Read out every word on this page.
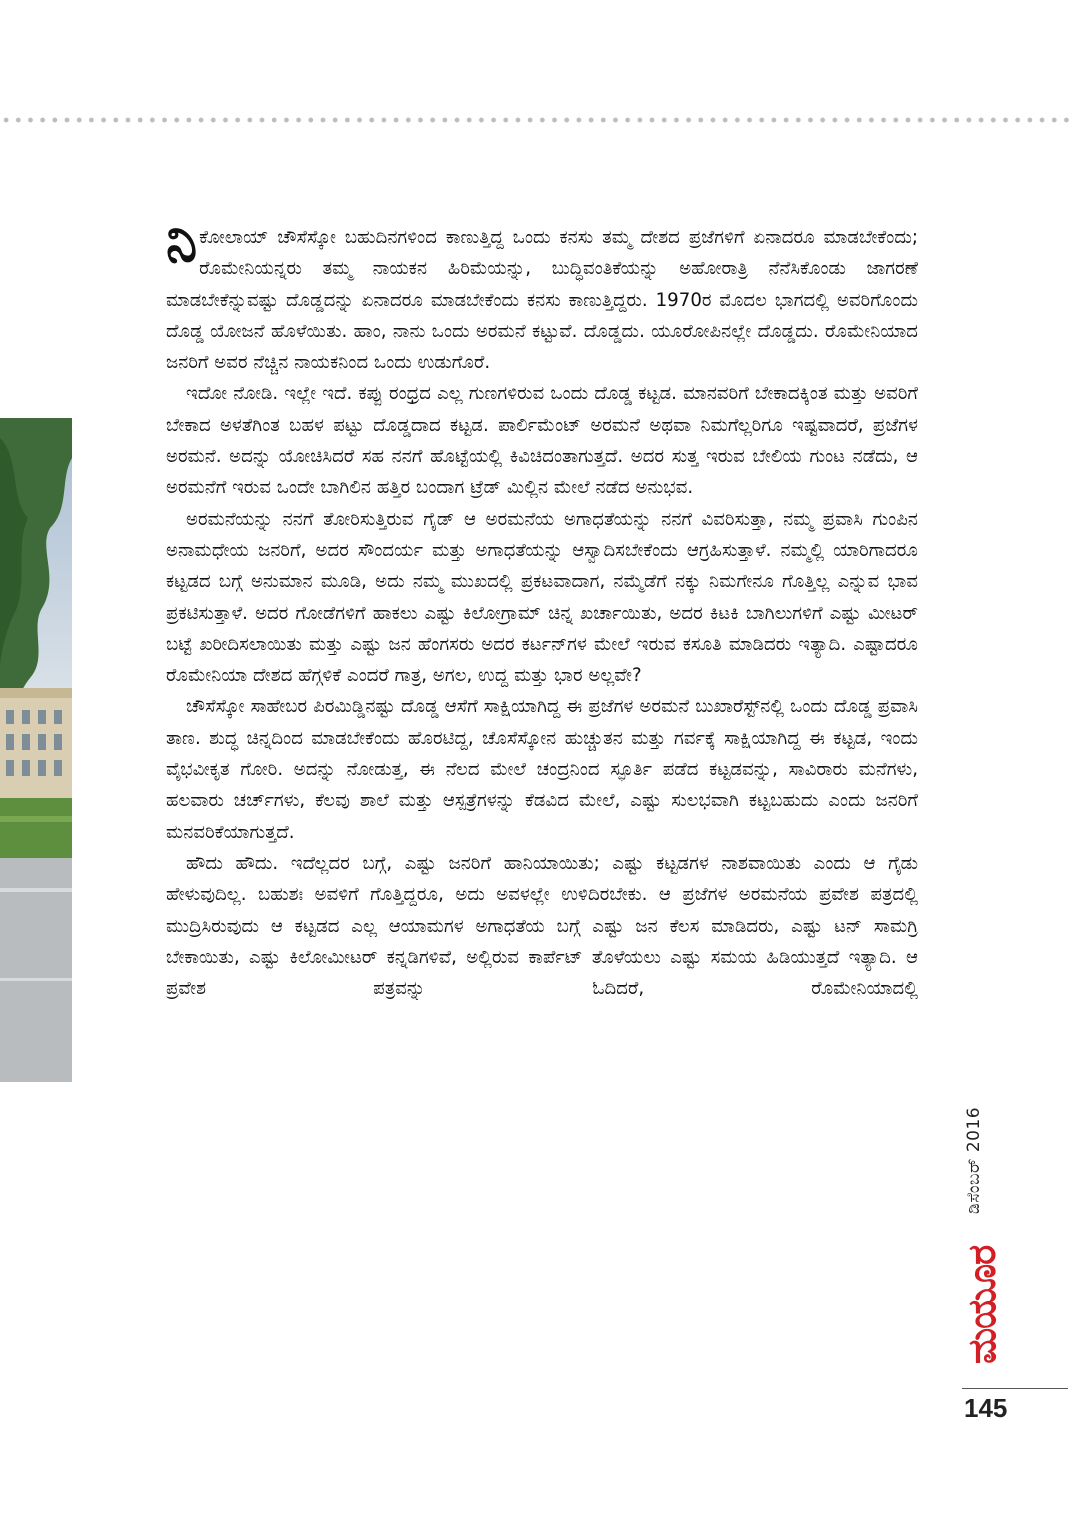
ನಿಕೋಲಾಯ್ ಚೌಸೆಸ್ಕೋ ಬಹುದಿನಗಳಿಂದ ಕಾಣುತ್ತಿದ್ದ ಒಂದು ಕನಸು ತಮ್ಮ ದೇಶದ ಪ್ರಜೆಗಳಿಗೆ ಏನಾದರೂ ಮಾಡಬೇಕೆಂದು; ರೊಮೇನಿಯನ್ನರು ತಮ್ಮ ನಾಯಕನ ಹಿರಿಮೆಯನ್ನು, ಬುದ್ಧಿವಂತಿಕೆಯನ್ನು ಅಹೋರಾತ್ರಿ ನೆನೆಸಿಕೊಂಡು ಜಾಗರಣೆ ಮಾಡಬೇಕೆನ್ನುವಷ್ಟು ದೊಡ್ಡದನ್ನು ಏನಾದರೂ ಮಾಡಬೇಕೆಂದು ಕನಸು ಕಾಣುತ್ತಿದ್ದರು. 1970ರ ಮೊದಲ ಭಾಗದಲ್ಲಿ ಅವರಿಗೊಂದು ದೊಡ್ಡ ಯೋಜನೆ ಹೊಳೆಯಿತು. ಹಾಂ, ನಾನು ಒಂದು ಅರಮನೆ ಕಟ್ಟುವೆ. ದೊಡ್ಡದು. ಯೂರೋಪಿನಲ್ಲೇ ದೊಡ್ಡದು. ರೊಮೇನಿಯಾದ ಜನರಿಗೆ ಅವರ ನೆಚ್ಚಿನ ನಾಯಕನಿಂದ ಒಂದು ಉಡುಗೊರೆ.

ಇದೋ ನೋಡಿ. ಇಲ್ಲೇ ಇದೆ. ಕಪ್ಪು ರಂಧ್ರದ ಎಲ್ಲ ಗುಣಗಳಿರುವ ಒಂದು ದೊಡ್ಡ ಕಟ್ಟಡ. ಮಾನವರಿಗೆ ಬೇಕಾದಕ್ಕಿಂತ ಮತ್ತು ಅವರಿಗೆ ಬೇಕಾದ ಅಳತೆಗಿಂತ ಬಹಳ ಪಟ್ಟು ದೊಡ್ಡದಾದ ಕಟ್ಟಡ. ಪಾರ್ಲಿಮೆಂಟ್ ಅರಮನೆ ಅಥವಾ ನಿಮಗೆಲ್ಲರಿಗೂ ಇಷ್ಟವಾದರೆ, ಪ್ರಜೆಗಳ ಅರಮನೆ. ಅದನ್ನು ಯೋಚಿಸಿದರೆ ಸಹ ನನಗೆ ಹೊಟ್ಟೆಯಲ್ಲಿ ಕಿವಿಚಿದಂತಾಗುತ್ತದೆ. ಅದರ ಸುತ್ತ ಇರುವ ಬೇಲಿಯ ಗುಂಟ ನಡೆದು, ಆ ಅರಮನೆಗೆ ಇರುವ ಒಂದೇ ಬಾಗಿಲಿನ ಹತ್ತಿರ ಬಂದಾಗ ಟ್ರೆಡ್ ಮಿಲ್ಲಿನ ಮೇಲೆ ನಡೆದ ಅನುಭವ.

ಅರಮನೆಯನ್ನು ನನಗೆ ತೋರಿಸುತ್ತಿರುವ ಗೈಡ್ ಆ ಅರಮನೆಯ ಅಗಾಧತೆಯನ್ನು ನನಗೆ ವಿವರಿಸುತ್ತಾ, ನಮ್ಮ ಪ್ರವಾಸಿ ಗುಂಪಿನ ಅನಾಮಧೇಯ ಜನರಿಗೆ, ಅದರ ಸೌಂದರ್ಯ ಮತ್ತು ಅಗಾಧತೆಯನ್ನು ಆಸ್ವಾದಿಸಬೇಕೆಂದು ಆಗ್ರಹಿಸುತ್ತಾಳೆ. ನಮ್ಮಲ್ಲಿ ಯಾರಿಗಾದರೂ ಕಟ್ಟಡದ ಬಗ್ಗೆ ಅನುಮಾನ ಮೂಡಿ, ಅದು ನಮ್ಮ ಮುಖದಲ್ಲಿ ಪ್ರಕಟವಾದಾಗ, ನಮ್ಮೆಡೆಗೆ ನಕ್ಕು ನಿಮಗೇನೂ ಗೊತ್ತಿಲ್ಲ ಎನ್ನುವ ಭಾವ ಪ್ರಕಟಿಸುತ್ತಾಳೆ. ಅದರ ಗೋಡೆಗಳಿಗೆ ಹಾಕಲು ಎಷ್ಟು ಕಿಲೋಗ್ರಾಮ್ ಚಿನ್ನ ಖರ್ಚಾಯಿತು, ಅದರ ಕಿಟಕಿ ಬಾಗಿಲುಗಳಿಗೆ ಎಷ್ಟು ಮೀಟರ್ ಬಟ್ಟೆ ಖರೀದಿಸಲಾಯಿತು ಮತ್ತು ಎಷ್ಟು ಜನ ಹೆಂಗಸರು ಅದರ ಕರ್ಟನ್‌ಗಳ ಮೇಲೆ ಇರುವ ಕಸೂತಿ ಮಾಡಿದರು ಇತ್ಯಾದಿ. ಎಷ್ಟಾದರೂ ರೊಮೇನಿಯಾ ದೇಶದ ಹೆಗ್ಗಳಿಕೆ ಎಂದರೆ ಗಾತ್ರ, ಅಗಲ, ಉದ್ದ ಮತ್ತು ಭಾರ ಅಲ್ಲವೇ?

ಚೌಸೆಸ್ಕೋ ಸಾಹೇಬರ ಪಿರಮಿಡ್ಡಿನಷ್ಟು ದೊಡ್ಡ ಆಸೆಗೆ ಸಾಕ್ಷಿಯಾಗಿದ್ದ ಈ ಪ್ರಜೆಗಳ ಅರಮನೆ ಬುಖಾರೆಸ್ಟ್‌ನಲ್ಲಿ ಒಂದು ದೊಡ್ಡ ಪ್ರವಾಸಿ ತಾಣ. ಶುದ್ಧ ಚಿನ್ನದಿಂದ ಮಾಡಬೇಕೆಂದು ಹೊರಟಿದ್ದ, ಚೊಸೆಸ್ಕೋನ ಹುಚ್ಚುತನ ಮತ್ತು ಗರ್ವಕ್ಕೆ ಸಾಕ್ಷಿಯಾಗಿದ್ದ ಈ ಕಟ್ಟಡ, ಇಂದು ವೈಭವೀಕೃತ ಗೋರಿ. ಅದನ್ನು ನೋಡುತ್ತ, ಈ ನೆಲದ ಮೇಲೆ ಚಂದ್ರನಿಂದ ಸ್ಫೂರ್ತಿ ಪಡೆದ ಕಟ್ಟಡವನ್ನು, ಸಾವಿರಾರು ಮನೆಗಳು, ಹಲವಾರು ಚರ್ಚ್‌ಗಳು, ಕೆಲವು ಶಾಲೆ ಮತ್ತು ಆಸ್ಪತ್ರೆಗಳನ್ನು ಕೆಡವಿದ ಮೇಲೆ, ಎಷ್ಟು ಸುಲಭವಾಗಿ ಕಟ್ಟಬಹುದು ಎಂದು ಜನರಿಗೆ ಮನವರಿಕೆಯಾಗುತ್ತದೆ.

ಹೌದು ಹೌದು. ಇದೆಲ್ಲದರ ಬಗ್ಗೆ, ಎಷ್ಟು ಜನರಿಗೆ ಹಾನಿಯಾಯಿತು; ಎಷ್ಟು ಕಟ್ಟಡಗಳ ನಾಶವಾಯಿತು ಎಂದು ಆ ಗೈಡು ಹೇಳುವುದಿಲ್ಲ. ಬಹುಶಃ ಅವಳಿಗೆ ಗೊತ್ತಿದ್ದರೂ, ಅದು ಅವಳಲ್ಲೇ ಉಳಿದಿರಬೇಕು. ಆ ಪ್ರಜೆಗಳ ಅರಮನೆಯ ಪ್ರವೇಶ ಪತ್ರದಲ್ಲಿ ಮುದ್ರಿಸಿರುವುದು ಆ ಕಟ್ಟಡದ ಎಲ್ಲ ಆಯಾಮಗಳ ಅಗಾಧತೆಯ ಬಗ್ಗೆ ಎಷ್ಟು ಜನ ಕೆಲಸ ಮಾಡಿದರು, ಎಷ್ಟು ಟನ್ ಸಾಮಗ್ರಿ ಬೇಕಾಯಿತು, ಎಷ್ಟು ಕಿಲೋಮೀಟರ್ ಕನ್ನಡಿಗಳಿವೆ, ಅಲ್ಲಿರುವ ಕಾರ್ಪೆಟ್ ತೊಳೆಯಲು ಎಷ್ಟು ಸಮಯ ಹಿಡಿಯುತ್ತದೆ ಇತ್ಯಾದಿ. ಆ ಪ್ರವೇಶ ಪತ್ರವನ್ನು ಓದಿದರೆ, ರೊಮೇನಿಯಾದಲ್ಲಿ

ಡಿಸೆಂಬರ್ 2016
ಮಯೂರ
145
